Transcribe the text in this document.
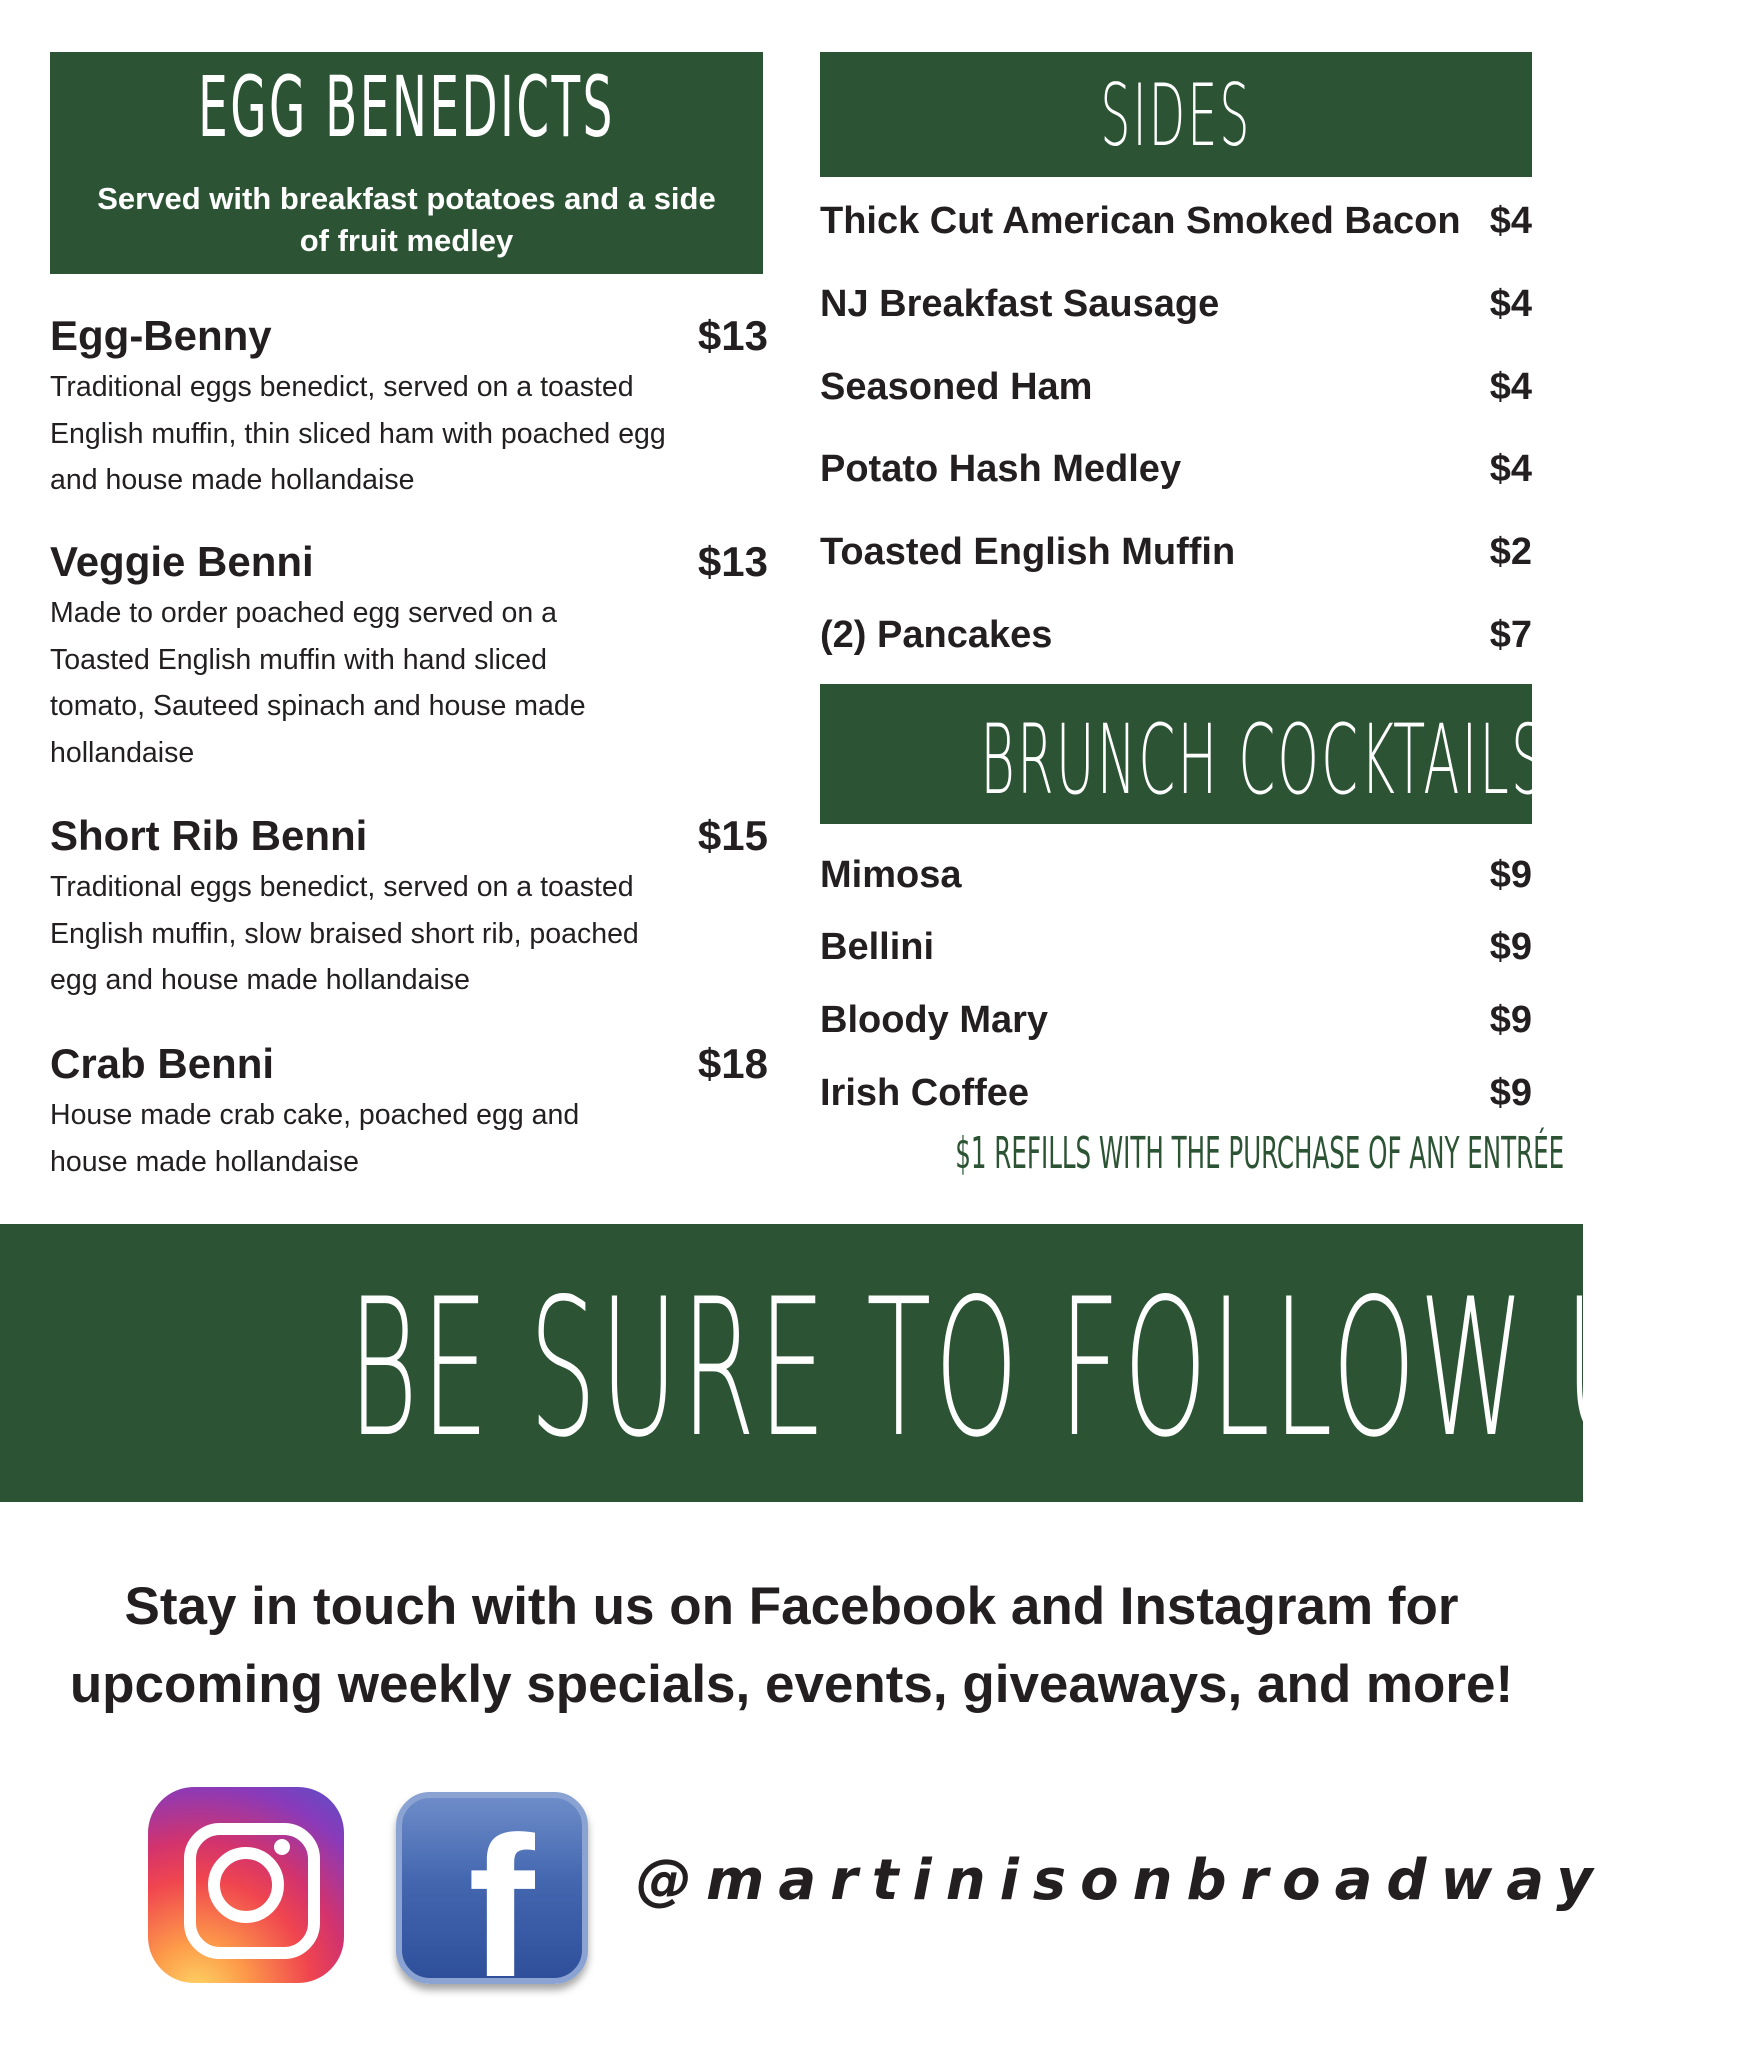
EGG BENEDICTS
Served with breakfast potatoes and a side of fruit medley
Egg-Benny	$13
Traditional eggs benedict, served on a toasted English muffin, thin sliced ham with poached egg and house made hollandaise
Veggie Benni	$13
Made to order poached egg served on a Toasted English muffin with hand sliced tomato, Sauteed spinach and house made hollandaise
Short Rib Benni	$15
Traditional eggs benedict, served on a toasted English muffin, slow braised short rib, poached egg and house made hollandaise
Crab Benni	$18
House made crab cake, poached egg and house made hollandaise
SIDES
Thick Cut American Smoked Bacon $4
NJ Breakfast Sausage	$4
Seasoned Ham	$4
Potato Hash Medley	$4
Toasted English Muffin	$2
(2) Pancakes	$7
BRUNCH COCKTAILS
Mimosa	$9
Bellini	$9
Bloody Mary	$9
Irish Coffee	$9
$1 REFILLS WITH THE PURCHASE OF ANY ENTRÉE
BE SURE TO FOLLOW US!
Stay in touch with us on Facebook and Instagram for upcoming weekly specials, events, giveaways, and more!
f @martinisonbroadway
